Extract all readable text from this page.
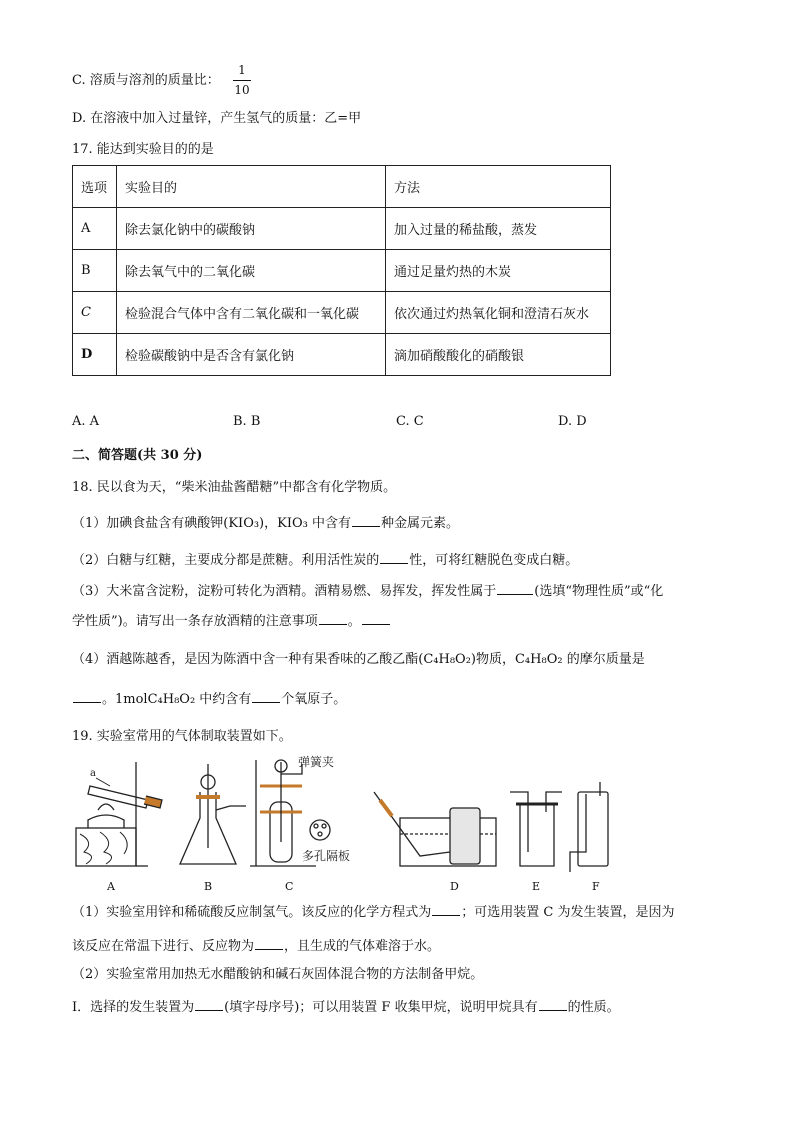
C. 溶质与溶剂的质量比：
1
10
D. 在溶液中加入过量锌，产生氢气的质量：乙=甲
17. 能达到实验目的的是
选项	实验目的	方法
A	除去氯化钠中的碳酸钠	加入过量的稀盐酸，蒸发
B	除去氧气中的二氧化碳	通过足量灼热的木炭
C	检验混合气体中含有二氧化碳和一氧化碳	依次通过灼热氧化铜和澄清石灰水
D	检验碳酸钠中是否含有氯化钠	滴加硝酸酸化的硝酸银
A. A	B. B	C. C	D. D
二、简答题(共 30 分)
18. 民以食为天，“柴米油盐酱醋糖”中都含有化学物质。
（1）加碘食盐含有碘酸钾(KIO₃)，KIO₃ 中含有 种金属元素。
（2）白糖与红糖，主要成分都是蔗糖。利用活性炭的 性，可将红糖脱色变成白糖。
（3）大米富含淀粉，淀粉可转化为酒精。酒精易燃、易挥发，挥发性属于	(选填“物理性质”或“化
学性质”)。请写出一条存放酒精的注意事项 。
（4）酒越陈越香，是因为陈酒中含一种有果香味的乙酸乙酯(C₄H₈O₂)物质，C₄H₈O₂ 的摩尔质量是
。1molC₄H₈O₂ 中约含有 个氧原子。
19. 实验室常用的气体制取装置如下。
a
弹簧夹
多孔隔板
A	B	C	D	E	F
（1）实验室用锌和稀硫酸反应制氢气。该反应的化学方程式为 ；可选用装置 C 为发生装置，是因为
该反应在常温下进行、反应物为 ，且生成的气体难溶于水。
（2）实验室常用加热无水醋酸钠和碱石灰固体混合物的方法制备甲烷。
Ⅰ．选择的发生装置为 (填字母序号)；可以用装置 F 收集甲烷，说明甲烷具有 的性质。
